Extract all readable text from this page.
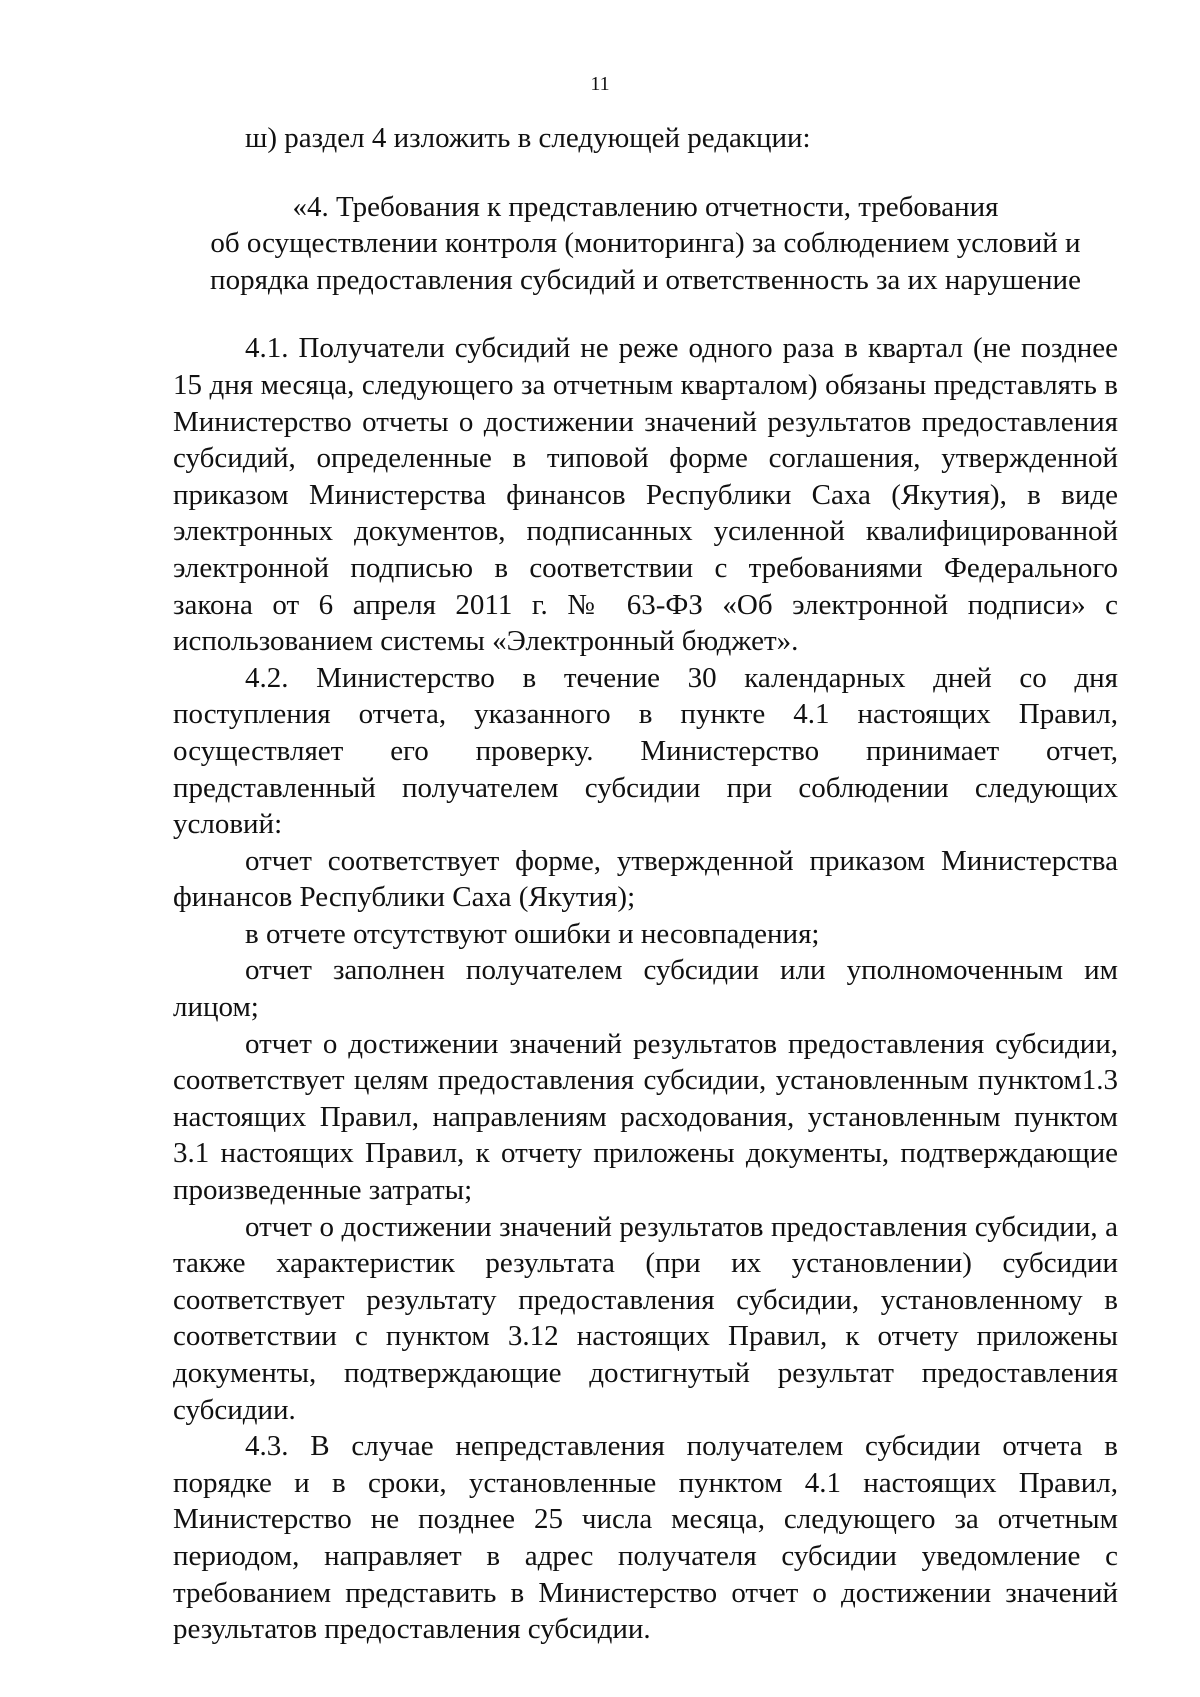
11

ш) раздел 4 изложить в следующей редакции:

«4. Требования к представлению отчетности, требования
об осуществлении контроля (мониторинга) за соблюдением условий и
порядка предоставления субсидий и ответственность за их нарушение

4.1. Получатели субсидий не реже одного раза в квартал (не позднее 15 дня месяца, следующего за отчетным кварталом) обязаны представлять в Министерство отчеты о достижении значений результатов предоставления субсидий, определенные в типовой форме соглашения, утвержденной приказом Министерства финансов Республики Саха (Якутия), в виде электронных документов, подписанных усиленной квалифицированной электронной подписью в соответствии с требованиями Федерального закона от 6 апреля 2011 г. № 63-ФЗ «Об электронной подписи» с использованием системы «Электронный бюджет».

4.2. Министерство в течение 30 календарных дней со дня поступления отчета, указанного в пункте 4.1 настоящих Правил, осуществляет его проверку. Министерство принимает отчет, представленный получателем субсидии при соблюдении следующих условий:

отчет соответствует форме, утвержденной приказом Министерства финансов Республики Саха (Якутия);

в отчете отсутствуют ошибки и несовпадения;

отчет заполнен получателем субсидии или уполномоченным им лицом;

отчет о достижении значений результатов предоставления субсидии, соответствует целям предоставления субсидии, установленным пунктом1.3 настоящих Правил, направлениям расходования, установленным пунктом 3.1 настоящих Правил, к отчету приложены документы, подтверждающие произведенные затраты;

отчет о достижении значений результатов предоставления субсидии, а также характеристик результата (при их установлении) субсидии соответствует результату предоставления субсидии, установленному в соответствии с пунктом 3.12 настоящих Правил, к отчету приложены документы, подтверждающие достигнутый результат предоставления субсидии.

4.3. В случае непредставления получателем субсидии отчета в порядке и в сроки, установленные пунктом 4.1 настоящих Правил, Министерство не позднее 25 числа месяца, следующего за отчетным периодом, направляет в адрес получателя субсидии уведомление с требованием представить в Министерство отчет о достижении значений результатов предоставления субсидии.
